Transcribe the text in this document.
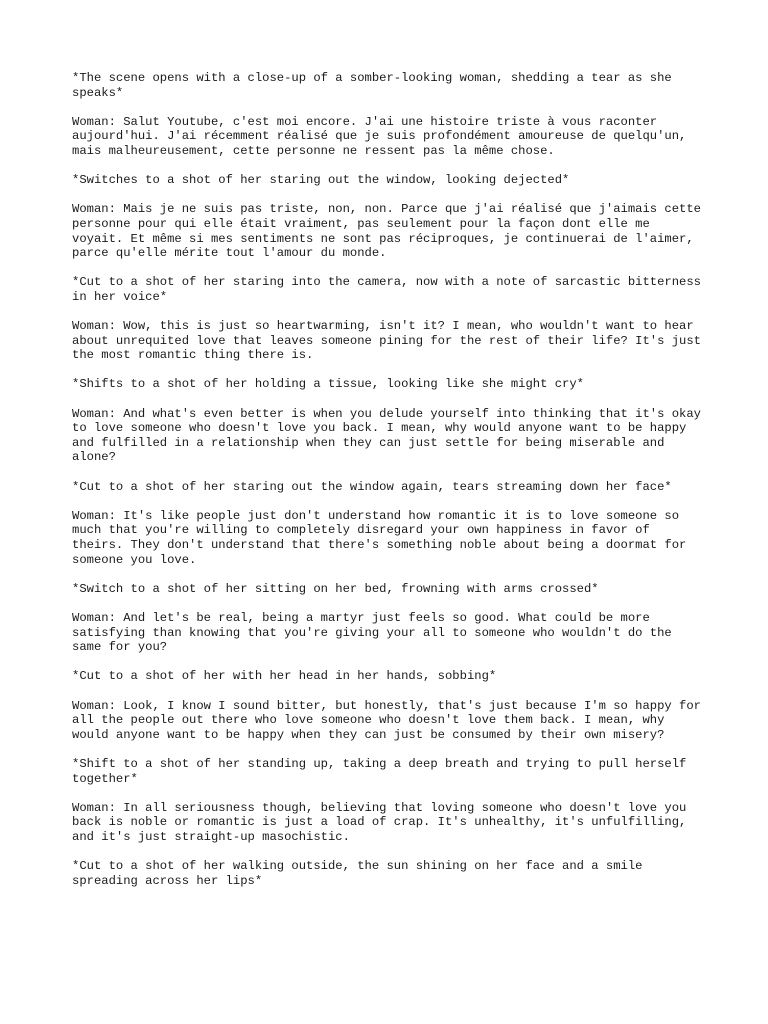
*The scene opens with a close-up of a somber-looking woman, shedding a tear as she speaks*

Woman: Salut Youtube, c'est moi encore. J'ai une histoire triste à vous raconter aujourd'hui. J'ai récemment réalisé que je suis profondément amoureuse de quelqu'un, mais malheureusement, cette personne ne ressent pas la même chose.

*Switches to a shot of her staring out the window, looking dejected*

Woman: Mais je ne suis pas triste, non, non. Parce que j'ai réalisé que j'aimais cette personne pour qui elle était vraiment, pas seulement pour la façon dont elle me voyait. Et même si mes sentiments ne sont pas réciproques, je continuerai de l'aimer, parce qu'elle mérite tout l'amour du monde.

*Cut to a shot of her staring into the camera, now with a note of sarcastic bitterness in her voice*

Woman: Wow, this is just so heartwarming, isn't it? I mean, who wouldn't want to hear about unrequited love that leaves someone pining for the rest of their life? It's just the most romantic thing there is.

*Shifts to a shot of her holding a tissue, looking like she might cry*

Woman: And what's even better is when you delude yourself into thinking that it's okay to love someone who doesn't love you back. I mean, why would anyone want to be happy and fulfilled in a relationship when they can just settle for being miserable and alone?

*Cut to a shot of her staring out the window again, tears streaming down her face*

Woman: It's like people just don't understand how romantic it is to love someone so much that you're willing to completely disregard your own happiness in favor of theirs. They don't understand that there's something noble about being a doormat for someone you love.

*Switch to a shot of her sitting on her bed, frowning with arms crossed*

Woman: And let's be real, being a martyr just feels so good. What could be more satisfying than knowing that you're giving your all to someone who wouldn't do the same for you?

*Cut to a shot of her with her head in her hands, sobbing*

Woman: Look, I know I sound bitter, but honestly, that's just because I'm so happy for all the people out there who love someone who doesn't love them back. I mean, why would anyone want to be happy when they can just be consumed by their own misery?

*Shift to a shot of her standing up, taking a deep breath and trying to pull herself together*

Woman: In all seriousness though, believing that loving someone who doesn't love you back is noble or romantic is just a load of crap. It's unhealthy, it's unfulfilling, and it's just straight-up masochistic.

*Cut to a shot of her walking outside, the sun shining on her face and a smile spreading across her lips*
